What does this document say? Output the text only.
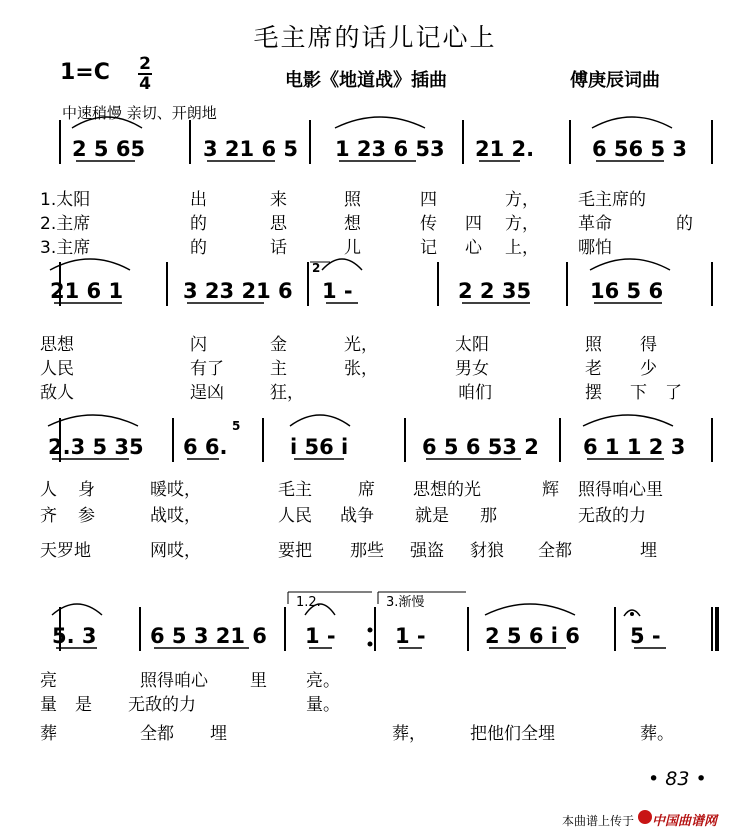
毛主席的话儿记心上
1=C 2
4	电影《地道战》插曲	傅庚辰词曲
中速稍慢 亲切、开朗地
2 5 65	3 21 6 5 1 23 6 53 21 2.	6 56 5 3
1.太阳	出	来	照	四	方， 毛主席的
2.主席	的	思	想	传 四 方， 革命	的
3.主席	的	话	儿	记 心 上， 哪怕
21 6 1	3 23 21 6 1 -	2 2 35	16 5 6
思想	闪	金	光，	太阳	照 得
人民	有了	主	张，	男女	老 少
敌人	逞凶	狂，	咱们	摆 下 了
2.3 5 35 6 6.	i 56 i	6 5 6 53 2 6 1 1 2 3
人 身	暖哎，	毛主	席 思想的光	辉 照得咱心里
齐 参	战哎，	人民 战争 就是 那	无敌的力
天罗地	网哎，	要把 那些 强盗 豺狼 全都	埋
5. 3	6 5 3 21 6 1 -	1 -	2 5 6 i 6 5 -
亮	照得咱心 里 亮。
量 是 无敌的力	量。
葬	全都 埋	葬，	把他们全埋	葬。
2
5
1.2.	3.渐慢
• 83 •
本曲谱上传于 中国曲谱网
